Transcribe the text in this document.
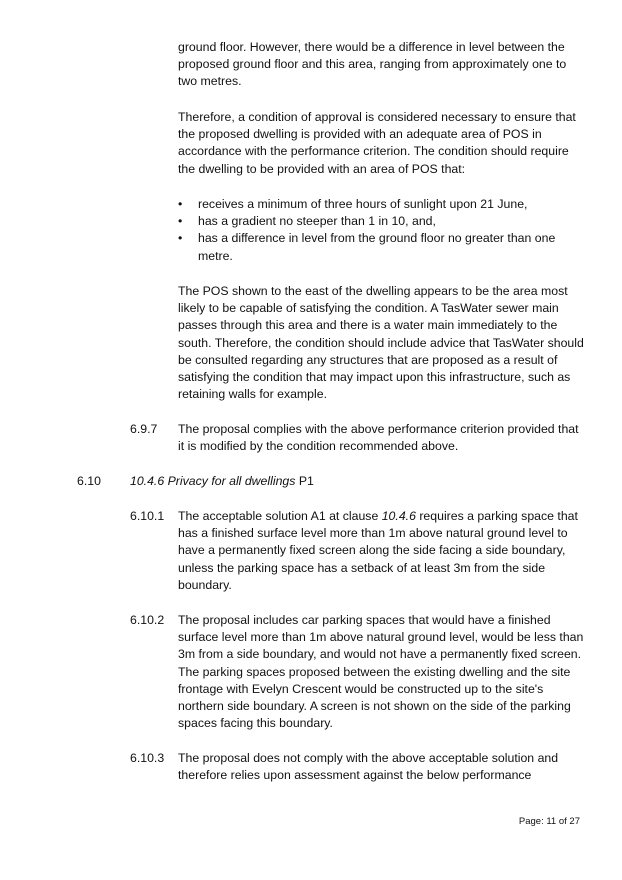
ground floor. However, there would be a difference in level between the proposed ground floor and this area, ranging from approximately one to two metres.

Therefore, a condition of approval is considered necessary to ensure that the proposed dwelling is provided with an adequate area of POS in accordance with the performance criterion. The condition should require the dwelling to be provided with an area of POS that:

• receives a minimum of three hours of sunlight upon 21 June,
• has a gradient no steeper than 1 in 10, and,
• has a difference in level from the ground floor no greater than one metre.

The POS shown to the east of the dwelling appears to be the area most likely to be capable of satisfying the condition. A TasWater sewer main passes through this area and there is a water main immediately to the south. Therefore, the condition should include advice that TasWater should be consulted regarding any structures that are proposed as a result of satisfying the condition that may impact upon this infrastructure, such as retaining walls for example.

6.9.7 The proposal complies with the above performance criterion provided that it is modified by the condition recommended above.

6.10 10.4.6 Privacy for all dwellings P1

6.10.1 The acceptable solution A1 at clause 10.4.6 requires a parking space that has a finished surface level more than 1m above natural ground level to have a permanently fixed screen along the side facing a side boundary, unless the parking space has a setback of at least 3m from the side boundary.

6.10.2 The proposal includes car parking spaces that would have a finished surface level more than 1m above natural ground level, would be less than 3m from a side boundary, and would not have a permanently fixed screen. The parking spaces proposed between the existing dwelling and the site frontage with Evelyn Crescent would be constructed up to the site's northern side boundary. A screen is not shown on the side of the parking spaces facing this boundary.

6.10.3 The proposal does not comply with the above acceptable solution and therefore relies upon assessment against the below performance

Page: 11 of 27
